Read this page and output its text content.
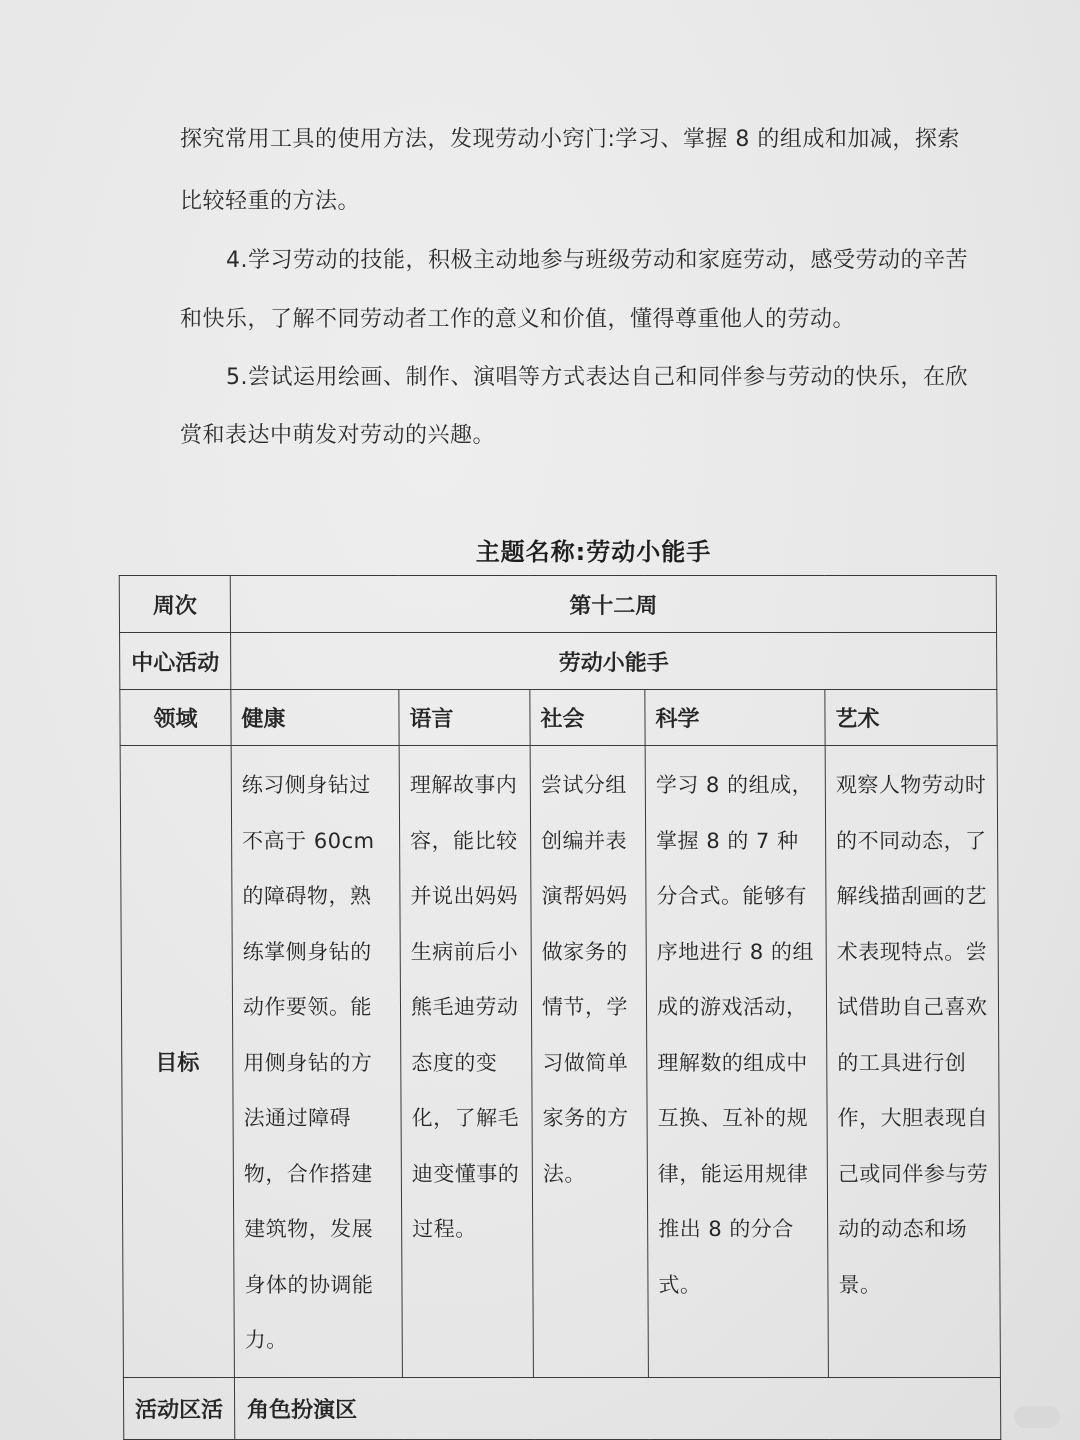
探究常用工具的使用方法，发现劳动小窍门:学习、掌握 8 的组成和加减，探索
比较轻重的方法。
4.学习劳动的技能，积极主动地参与班级劳动和家庭劳动，感受劳动的辛苦
和快乐，了解不同劳动者工作的意义和价值，懂得尊重他人的劳动。
5.尝试运用绘画、制作、演唱等方式表达自己和同伴参与劳动的快乐，在欣
赏和表达中萌发对劳动的兴趣。
主题名称:劳动小能手
周次	第十二周				
中心活动	劳动小能手				
领域	健康	语言	社会	科学	艺术
目标	练习侧身钻过不高于 60cm 的障碍物，熟练掌侧身钻的动作要领。能用侧身钻的方法通过障碍物，合作搭建建筑物，发展身体的协调能力。	理解故事内容，能比较并说出妈妈生病前后小熊毛迪劳动态度的变化，了解毛迪变懂事的过程。	尝试分组创编并表演帮妈妈做家务的情节，学习做简单家务的方法。	学习 8 的组成，掌握 8 的 7 种分合式。能够有序地进行 8 的组成的游戏活动，理解数的组成中互换、互补的规律，能运用规律推出 8 的分合式。	观察人物劳动时的不同动态，了解线描刮画的艺术表现特点。尝试借助自己喜欢的工具进行创作，大胆表现自己或同伴参与劳动的动态和场景。

活动区活	角色扮演区				
